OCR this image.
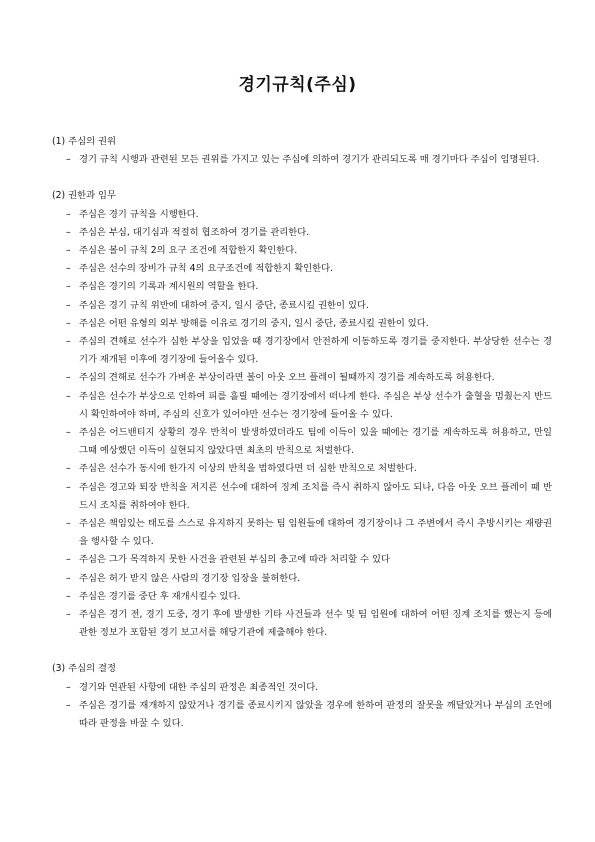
경기규칙(주심)
(1) 주심의 권위
– 경기 규칙 시행과 관련된 모든 권위를 가지고 있는 주심에 의하여 경기가 관리되도록 매 경기마다 주심이 임명된다.
(2) 권한과 임무
– 주심은 경기 규칙을 시행한다.
– 주심은 부심, 대기심과 적절히 협조하여 경기를 관리한다.
– 주심은 볼이 규칙 2의 요구 조건에 적합한지 확인한다.
– 주심은 선수의 장비가 규칙 4의 요구조건에 적합한지 확인한다.
– 주심은 경기의 기록과 계시원의 역할을 한다.
– 주심은 경기 규칙 위반에 대하여 중지, 일시 중단, 종료시킬 권한이 있다.
– 주심은 어떤 유형의 외부 방해를 이유로 경기의 중지, 일시 중단, 종료시킬 권한이 있다.
– 주심의 견해로 선수가 심한 부상을 입었을 때 경기장에서 안전하게 이동하도록 경기를 중지한다. 부상당한 선수는 경기가 재개된 이후에 경기장에 들어올수 있다.
– 주심의 견해로 선수가 가벼운 부상이라면 볼이 아웃 오브 플레이 될때까지 경기를 계속하도록 허용한다.
– 주심은 선수가 부상으로 인하여 피를 흘릴 때에는 경기장에서 떠나게 한다. 주심은 부상 선수가 출혈을 멈췄는지 반드시 확인하여야 하며, 주심의 신호가 있어야만 선수는 경기장에 들어올 수 있다.
– 주심은 어드밴티지 상황의 경우 반칙이 발생하였더라도 팀에 이득이 있을 때에는 경기를 계속하도록 허용하고, 만일 그때 예상했던 이득이 실현되지 않았다면 최초의 반칙으로 처벌한다.
– 주심은 선수가 동시에 한가지 이상의 반칙을 범하였다면 더 심한 반칙으로 처벌한다.
– 주심은 경고와 퇴장 반칙을 저지른 선수에 대하여 징계 조치를 즉시 취하지 않아도 되나, 다음 아웃 오브 플레이 때 반드시 조치를 취하여야 한다.
– 주심은 책임있는 태도를 스스로 유지하지 못하는 팀 임원들에 대하여 경기장이나 그 주변에서 즉시 추방시키는 재량권을 행사할 수 있다.
– 주심은 그가 목격하지 못한 사건을 관련된 부심의 충고에 따라 처리할 수 있다
– 주심은 허가 받지 않은 사람의 경기장 입장을 불허한다.
– 주심은 경기를 중단 후 재개시킬수 있다.
– 주심은 경기 전, 경기 도중, 경기 후에 발생한 기타 사건들과 선수 및 팀 임원에 대하여 어떤 징계 조치를 했는지 등에 관한 정보가 포함된 경기 보고서를 해당기관에 제출해야 한다.
(3) 주심의 결정
– 경기와 연관된 사항에 대한 주심의 판정은 최종적인 것이다.
– 주심은 경기를 재개하지 않았거나 경기를 종료시키지 않았을 경우에 한하여 판정의 잘못을 깨달았거나 부심의 조언에 따라 판정을 바꿀 수 있다.
